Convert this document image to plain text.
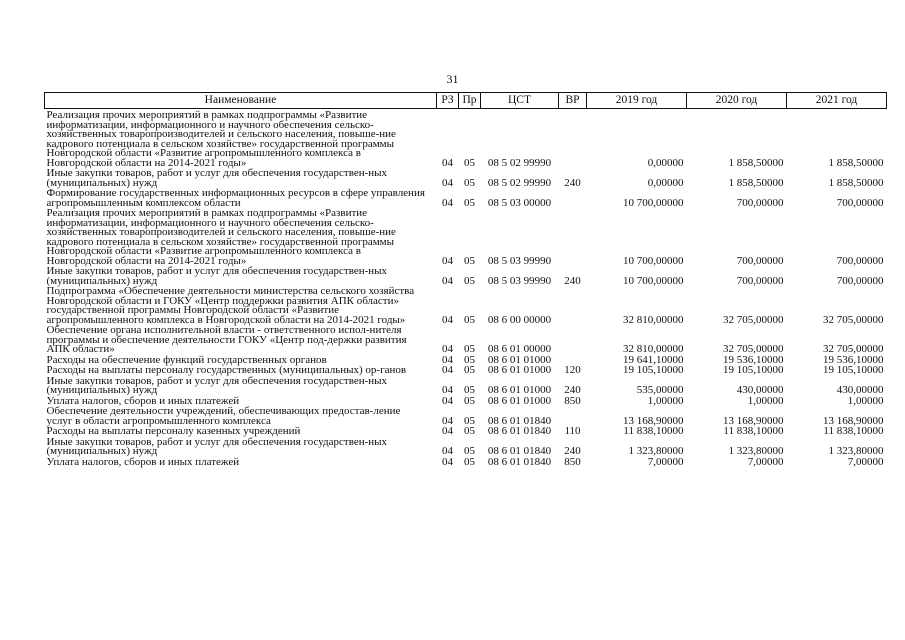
31
Наименование	РЗ	Пр	ЦСТ	ВР	2019 год	2020 год	2021 год
Реализация прочих мероприятий в рамках подпрограммы «Развитие информатизации, информационного и научного обеспечения сельско-хозяйственных товаропроизводителей и сельского населения, повыше-ние кадрового потенциала в сельском хозяйстве» государственной программы Новгородской области «Развитие агропромышленного комплекса в Новгородской области на 2014-2021 годы»	04	05	08 5 02 99990		0,00000	1 858,50000	1 858,50000
Иные закупки товаров, работ и услуг для обеспечения государствен-ных (муниципальных) нужд	04	05	08 5 02 99990	240	0,00000	1 858,50000	1 858,50000
Формирование государственных информационных ресурсов в сфере управления агропромышленным комплексом области	04	05	08 5 03 00000		10 700,00000	700,00000	700,00000
Реализация прочих мероприятий в рамках подпрограммы «Развитие информатизации, информационного и научного обеспечения сельско-хозяйственных товаропроизводителей и сельского населения, повыше-ние кадрового потенциала в сельском хозяйстве» государственной программы Новгородской области «Развитие агропромышленного комплекса в Новгородской области на 2014-2021 годы»	04	05	08 5 03 99990		10 700,00000	700,00000	700,00000
Иные закупки товаров, работ и услуг для обеспечения государствен-ных (муниципальных) нужд	04	05	08 5 03 99990	240	10 700,00000	700,00000	700,00000
Подпрограмма «Обеспечение деятельности министерства сельского хозяйства Новгородской области и ГОКУ «Центр поддержки развития АПК области» государственной программы Новгородской области «Развитие агропромышленного комплекса в Новгородской области на 2014-2021 годы»	04	05	08 6 00 00000		32 810,00000	32 705,00000	32 705,00000
Обеспечение органа исполнительной власти - ответственного испол-нителя программы и обеспечение деятельности ГОКУ «Центр под-держки развития АПК области»	04	05	08 6 01 00000		32 810,00000	32 705,00000	32 705,00000
Расходы на обеспечение функций государственных органов	04	05	08 6 01 01000		19 641,10000	19 536,10000	19 536,10000
Расходы на выплаты персоналу государственных (муниципальных) ор-ганов	04	05	08 6 01 01000	120	19 105,10000	19 105,10000	19 105,10000
Иные закупки товаров, работ и услуг для обеспечения государствен-ных (муниципальных) нужд	04	05	08 6 01 01000	240	535,00000	430,00000	430,00000
Уплата налогов, сборов и иных платежей	04	05	08 6 01 01000	850	1,00000	1,00000	1,00000
Обеспечение деятельности учреждений, обеспечивающих предостав-ление услуг в области агропромышленного комплекса	04	05	08 6 01 01840		13 168,90000	13 168,90000	13 168,90000
Расходы на выплаты персоналу казенных учреждений	04	05	08 6 01 01840	110	11 838,10000	11 838,10000	11 838,10000
Иные закупки товаров, работ и услуг для обеспечения государствен-ных (муниципальных) нужд	04	05	08 6 01 01840	240	1 323,80000	1 323,80000	1 323,80000
Уплата налогов, сборов и иных платежей	04	05	08 6 01 01840	850	7,00000	7,00000	7,00000
